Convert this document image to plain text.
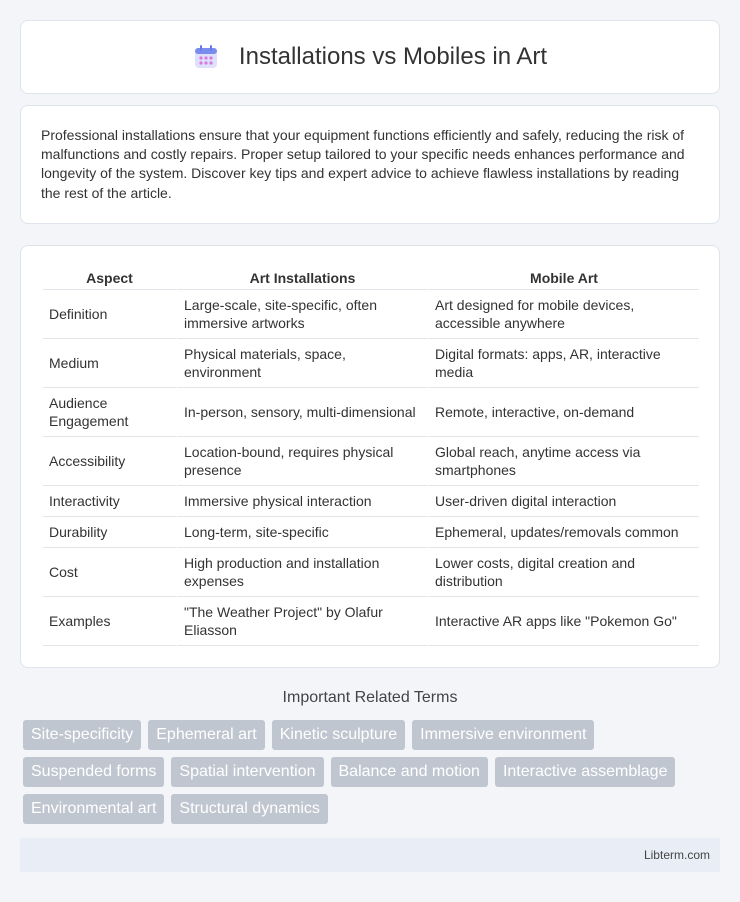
Installations vs Mobiles in Art

Professional installations ensure that your equipment functions efficiently and safely, reducing the risk of malfunctions and costly repairs. Proper setup tailored to your specific needs enhances performance and longevity of the system. Discover key tips and expert advice to achieve flawless installations by reading the rest of the article.

Aspect	Art Installations	Mobile Art
Definition	Large-scale, site-specific, often immersive artworks	Art designed for mobile devices, accessible anywhere
Medium	Physical materials, space, environment	Digital formats: apps, AR, interactive media
Audience Engagement	In-person, sensory, multi-dimensional	Remote, interactive, on-demand
Accessibility	Location-bound, requires physical presence	Global reach, anytime access via smartphones
Interactivity	Immersive physical interaction	User-driven digital interaction
Durability	Long-term, site-specific	Ephemeral, updates/removals common
Cost	High production and installation expenses	Lower costs, digital creation and distribution
Examples	"The Weather Project" by Olafur Eliasson	Interactive AR apps like "Pokemon Go"
Important Related Terms
Site-specificity	Ephemeral art	Kinetic sculpture	Immersive environment
Suspended forms	Spatial intervention	Balance and motion	Interactive assemblage
Environmental art	Structural dynamics
Libterm.com
